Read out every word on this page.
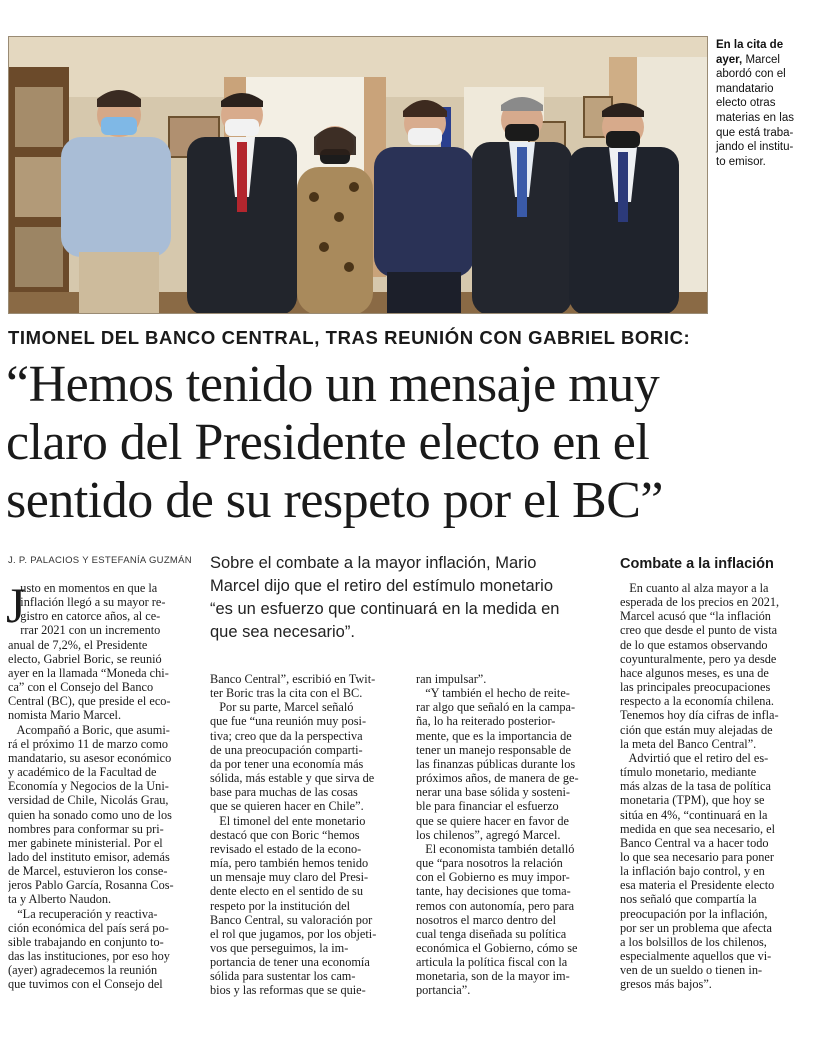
En la cita de ayer, Marcel
abordó con el
mandatario
electo otras
materias en las
que está traba-
jando el institu-
to emisor.
TIMONEL DEL BANCO CENTRAL, TRAS REUNIÓN CON GABRIEL BORIC:
“Hemos tenido un mensaje muy
claro del Presidente electo en el
sentido de su respeto por el BC”
J. P. PALACIOS Y ESTEFANÍA GUZMÁN	Sobre el combate a la mayor inflación, Mario
Marcel dijo que el retiro del estímulo monetario
“es un esfuerzo que continuará en la medida en
que sea necesario”.
J
usto en momentos en que la
inflación llegó a su mayor re-
gistro en catorce años, al ce-
rrar 2021 con un incremento
anual de 7,2%, el Presidente
electo, Gabriel Boric, se reunió
ayer en la llamada “Moneda chi-
ca” con el Consejo del Banco
Central (BC), que preside el eco-
nomista Mario Marcel.
Acompañó a Boric, que asumi-
rá el próximo 11 de marzo como
mandatario, su asesor económico
y académico de la Facultad de
Economía y Negocios de la Uni-
versidad de Chile, Nicolás Grau,
quien ha sonado como uno de los
nombres para conformar su pri-
mer gabinete ministerial. Por el
lado del instituto emisor, además
de Marcel, estuvieron los conse-
jeros Pablo García, Rosanna Cos-
ta y Alberto Naudon.
“La recuperación y reactiva-
ción económica del país será po-
sible trabajando en conjunto to-
das las instituciones, por eso hoy
(ayer) agradecemos la reunión
que tuvimos con el Consejo del
Banco Central”, escribió en Twit-
ter Boric tras la cita con el BC.
Por su parte, Marcel señaló
que fue “una reunión muy posi-
tiva; creo que da la perspectiva
de una preocupación comparti-
da por tener una economía más
sólida, más estable y que sirva de
base para muchas de las cosas
que se quieren hacer en Chile”.
El timonel del ente monetario
destacó que con Boric “hemos
revisado el estado de la econo-
mía, pero también hemos tenido
un mensaje muy claro del Presi-
dente electo en el sentido de su
respeto por la institución del
Banco Central, su valoración por
el rol que jugamos, por los objeti-
vos que perseguimos, la im-
portancia de tener una economía
sólida para sustentar los cam-
bios y las reformas que se quie-
ran impulsar”.
“Y también el hecho de reite-
rar algo que señaló en la campa-
ña, lo ha reiterado posterior-
mente, que es la importancia de
tener un manejo responsable de
las finanzas públicas durante los
próximos años, de manera de ge-
nerar una base sólida y sosteni-
ble para financiar el esfuerzo
que se quiere hacer en favor de
los chilenos”, agregó Marcel.
El economista también detalló
que “para nosotros la relación
con el Gobierno es muy impor-
tante, hay decisiones que toma-
remos con autonomía, pero para
nosotros el marco dentro del
cual tenga diseñada su política
económica el Gobierno, cómo se
articula la política fiscal con la
monetaria, son de la mayor im-
portancia”.
Combate a la inflación
En cuanto al alza mayor a la
esperada de los precios en 2021,
Marcel acusó que “la inflación
creo que desde el punto de vista
de lo que estamos observando
coyunturalmente, pero ya desde
hace algunos meses, es una de
las principales preocupaciones
respecto a la economía chilena.
Tenemos hoy día cifras de infla-
ción que están muy alejadas de
la meta del Banco Central”.
Advirtió que el retiro del es-
tímulo monetario, mediante
más alzas de la tasa de política
monetaria (TPM), que hoy se
sitúa en 4%, “continuará en la
medida en que sea necesario, el
Banco Central va a hacer todo
lo que sea necesario para poner
la inflación bajo control, y en
esa materia el Presidente electo
nos señaló que compartía la
preocupación por la inflación,
por ser un problema que afecta
a los bolsillos de los chilenos,
especialmente aquellos que vi-
ven de un sueldo o tienen in-
gresos más bajos”.
